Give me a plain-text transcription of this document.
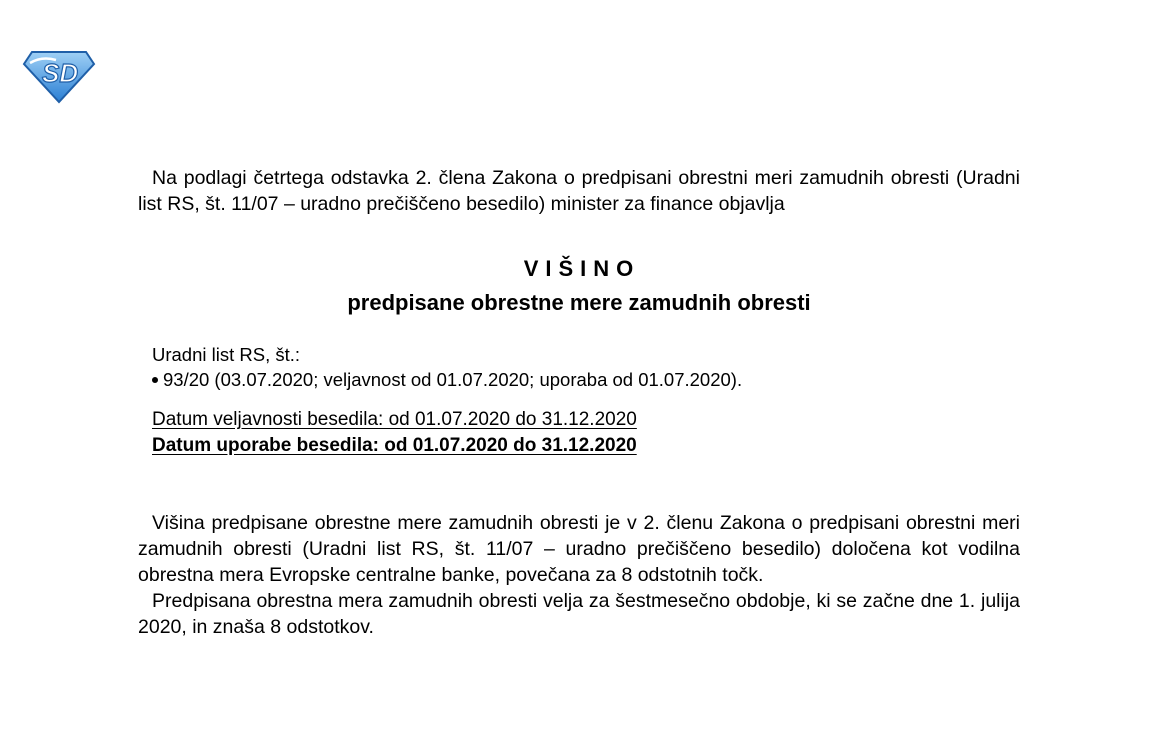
SD

Na podlagi četrtega odstavka 2. člena Zakona o predpisani obrestni meri zamudnih obresti (Uradni list RS, št. 11/07 – uradno prečiščeno besedilo) minister za finance objavlja

VIŠINO
predpisane obrestne mere zamudnih obresti
Uradni list RS, št.:
93/20 (03.07.2020; veljavnost od 01.07.2020; uporaba od 01.07.2020).
Datum veljavnosti besedila: od 01.07.2020 do 31.12.2020
Datum uporabe besedila: od 01.07.2020 do 31.12.2020

Višina predpisane obrestne mere zamudnih obresti je v 2. členu Zakona o predpisani obrestni meri zamudnih obresti (Uradni list RS, št. 11/07 – uradno prečiščeno besedilo) določena kot vodilna obrestna mera Evropske centralne banke, povečana za 8 odstotnih točk.

Predpisana obrestna mera zamudnih obresti velja za šestmesečno obdobje, ki se začne dne 1. julija 2020, in znaša 8 odstotkov.
